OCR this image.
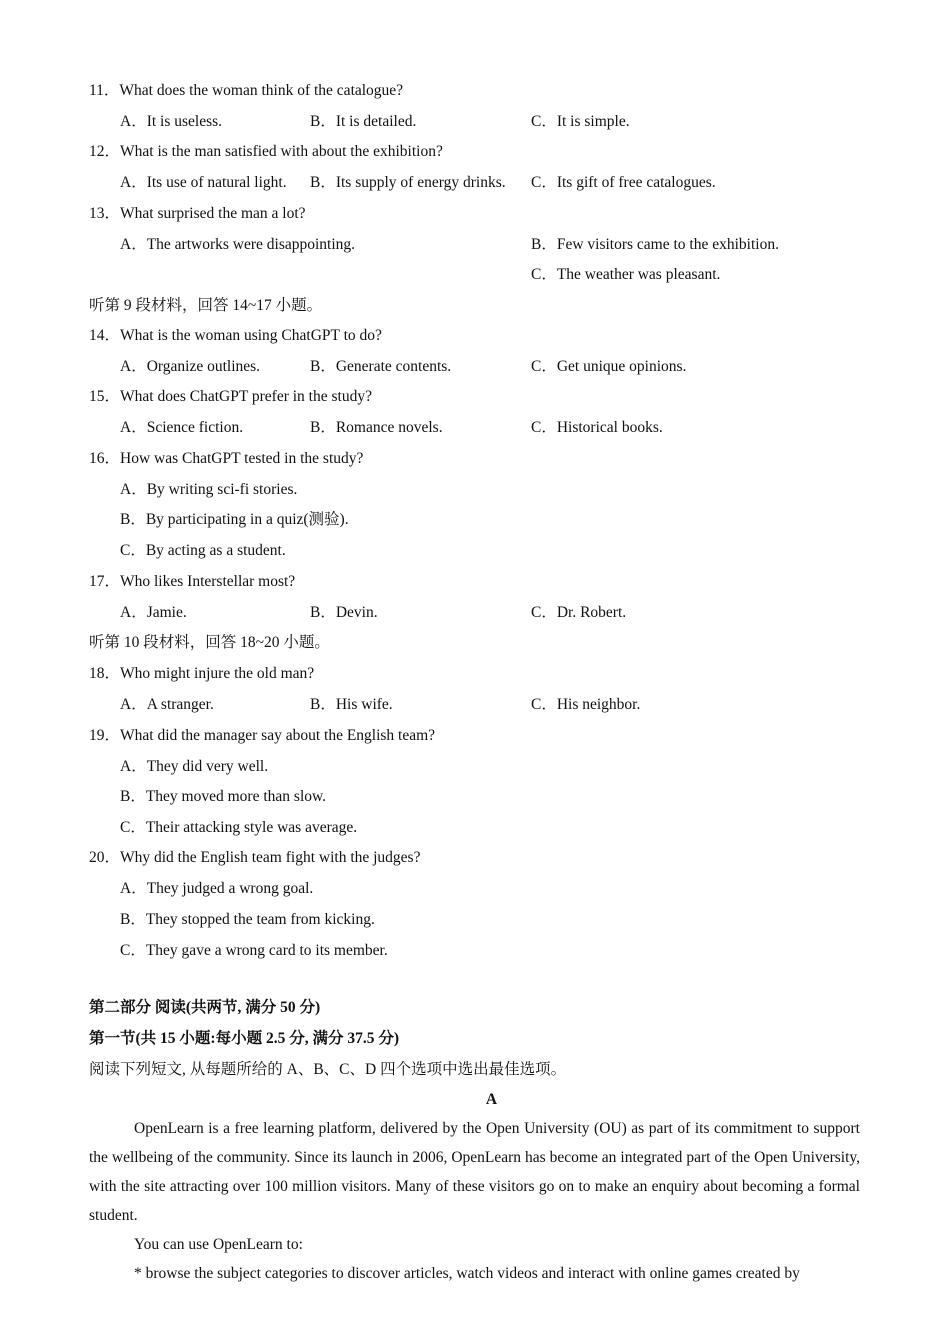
11．What does the woman think of the catalogue?
A．It is useless.	B．It is detailed.	C．It is simple.
12．What is the man satisfied with about the exhibition?
A．Its use of natural light. B．Its supply of energy drinks. C．Its gift of free catalogues.
13．What surprised the man a lot?
A．The artworks were disappointing.	B．Few visitors came to the exhibition.
C．The weather was pleasant.
听第 9 段材料，回答 14~17 小题。
14．What is the woman using ChatGPT to do?
A．Organize outlines.	B．Generate contents.	C．Get unique opinions.
15．What does ChatGPT prefer in the study?
A．Science fiction.	B．Romance novels.	C．Historical books.
16．How was ChatGPT tested in the study?
A．By writing sci-fi stories.
B．By participating in a quiz(测验).
C．By acting as a student.
17．Who likes Interstellar most?
A．Jamie.	B．Devin.	C．Dr. Robert.
听第 10 段材料，回答 18~20 小题。
18．Who might injure the old man?
A．A stranger.	B．His wife.	C．His neighbor.
19．What did the manager say about the English team?
A．They did very well.
B．They moved more than slow.
C．Their attacking style was average.
20．Why did the English team fight with the judges?
A．They judged a wrong goal.
B．They stopped the team from kicking.
C．They gave a wrong card to its member.
第二部分 阅读(共两节, 满分 50 分)
第一节(共 15 小题:每小题 2.5 分, 满分 37.5 分)
阅读下列短文, 从每题所给的 A、B、C、D 四个选项中选出最佳选项。
A
OpenLearn is a free learning platform, delivered by the Open University (OU) as part of its commitment to support the wellbeing of the community. Since its launch in 2006, OpenLearn has become an integrated part of the Open University, with the site attracting over 100 million visitors. Many of these visitors go on to make an enquiry about becoming a formal student.
You can use OpenLearn to:
* browse the subject categories to discover articles, watch videos and interact with online games created by
